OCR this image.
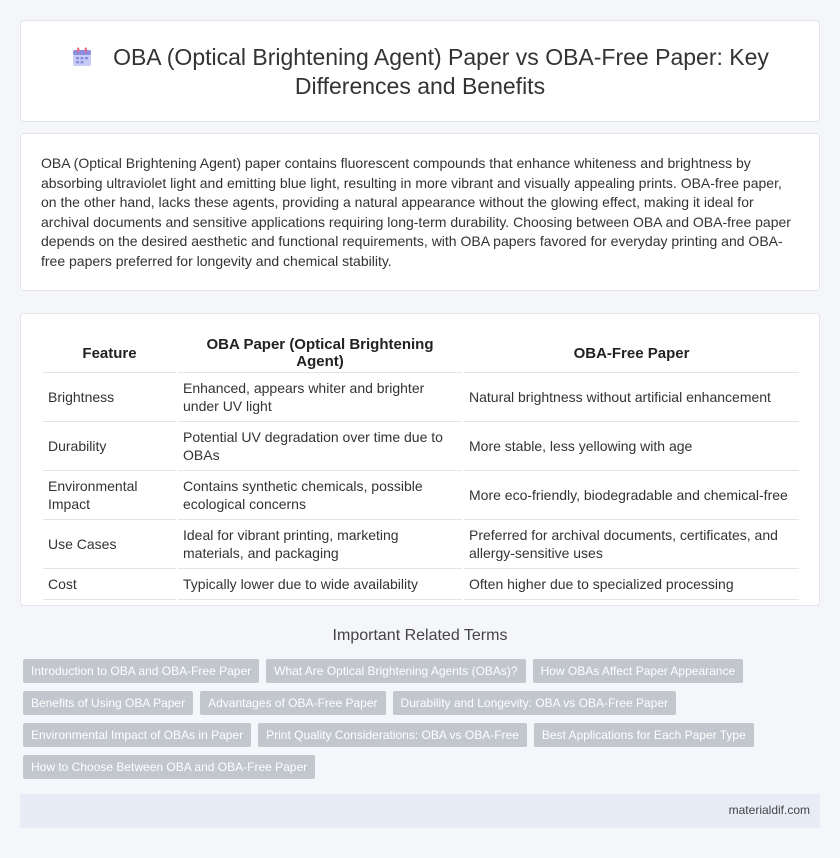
OBA (Optical Brightening Agent) Paper vs OBA-Free Paper: Key Differences and Benefits

OBA (Optical Brightening Agent) paper contains fluorescent compounds that enhance whiteness and brightness by absorbing ultraviolet light and emitting blue light, resulting in more vibrant and visually appealing prints. OBA-free paper, on the other hand, lacks these agents, providing a natural appearance without the glowing effect, making it ideal for archival documents and sensitive applications requiring long-term durability. Choosing between OBA and OBA-free paper depends on the desired aesthetic and functional requirements, with OBA papers favored for everyday printing and OBA-free papers preferred for longevity and chemical stability.

Feature	OBA Paper (Optical Brightening Agent)	OBA-Free Paper
Brightness	Enhanced, appears whiter and brighter under UV light	Natural brightness without artificial enhancement
Durability	Potential UV degradation over time due to OBAs	More stable, less yellowing with age
Environmental Impact	Contains synthetic chemicals, possible ecological concerns	More eco-friendly, biodegradable and chemical-free
Use Cases	Ideal for vibrant printing, marketing materials, and packaging	Preferred for archival documents, certificates, and allergy-sensitive uses
Cost	Typically lower due to wide availability	Often higher due to specialized processing
Important Related Terms
Introduction to OBA and OBA-Free Paper What Are Optical Brightening Agents (OBAs)? How OBAs Affect Paper Appearance
Benefits of Using OBA Paper Advantages of OBA-Free Paper Durability and Longevity: OBA vs OBA-Free Paper
Environmental Impact of OBAs in Paper Print Quality Considerations: OBA vs OBA-Free Best Applications for Each Paper Type
How to Choose Between OBA and OBA-Free Paper
materialdif.com
